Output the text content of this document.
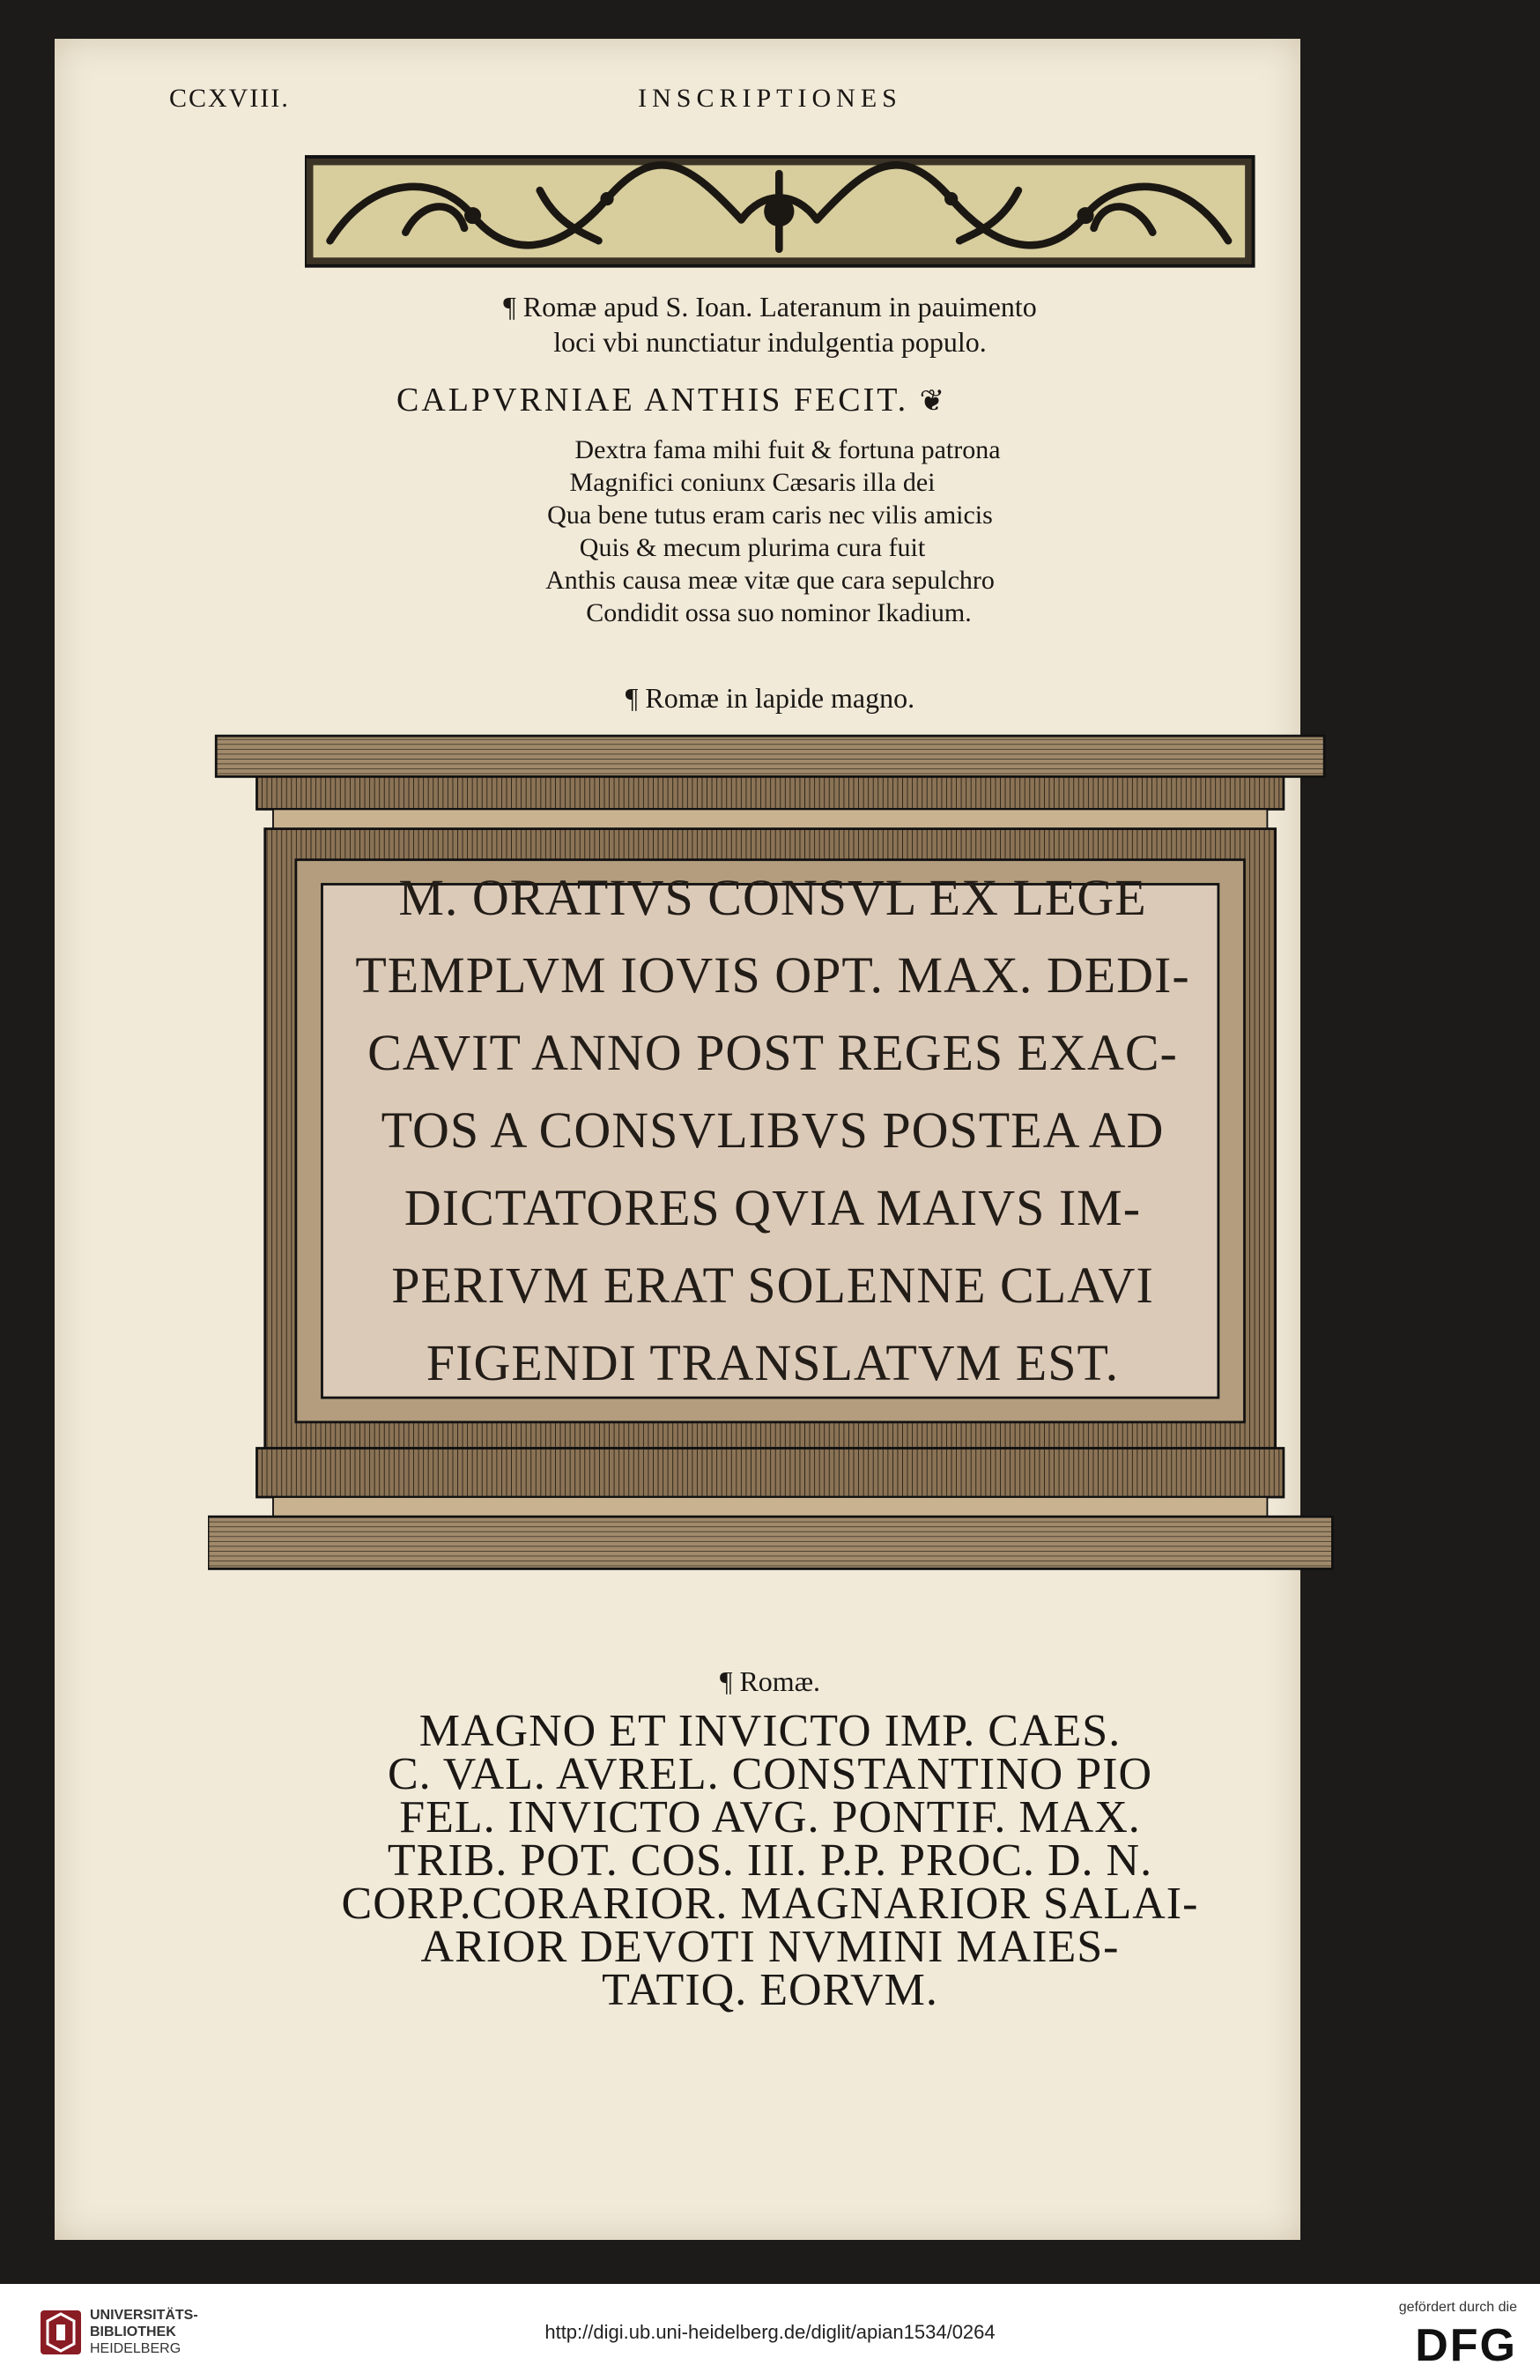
CCXVIII.	INSCRIPTIONES
¶ Romæ apud S. Ioan. Lateranum in pauimento
loci vbi nunctiatur indulgentia populo.
CALPVRNIAE ANTHIS FECIT. ❦
Dextra fama mihi fuit & fortuna patrona
Magnifici coniunx Cæsaris illa dei
Qua bene tutus eram caris nec vilis amicis
Quis & mecum plurima cura fuit
Anthis causa meæ vitæ que cara sepulchro
Condidit ossa suo nominor Ikadium.
¶ Romæ in lapide magno.
M. ORATIVS CONSVL EX LEGE
TEMPLVM IOVIS OPT. MAX. DEDI-
CAVIT ANNO POST REGES EXAC-
TOS A CONSVLIBVS POSTEA AD
DICTATORES QVIA MAIVS IM-
PERIVM ERAT SOLENNE CLAVI
FIGENDI TRANSLATVM EST.
¶ Romæ.
MAGNO ET INVICTO IMP. CAES.
C. VAL. AVREL. CONSTANTINO PIO
FEL. INVICTO AVG. PONTIF. MAX.
TRIB. POT. COS. III. P.P. PROC. D. N.
CORP.CORARIOR. MAGNARIOR SALAI-
ARIOR DEVOTI NVMINI MAIES-
TATIQ. EORVM.
UNIVERSITÄTS-
BIBLIOTHEK
HEIDELBERG
http://digi.ub.uni-heidelberg.de/diglit/apian1534/0264
gefördert durch die
DFG
